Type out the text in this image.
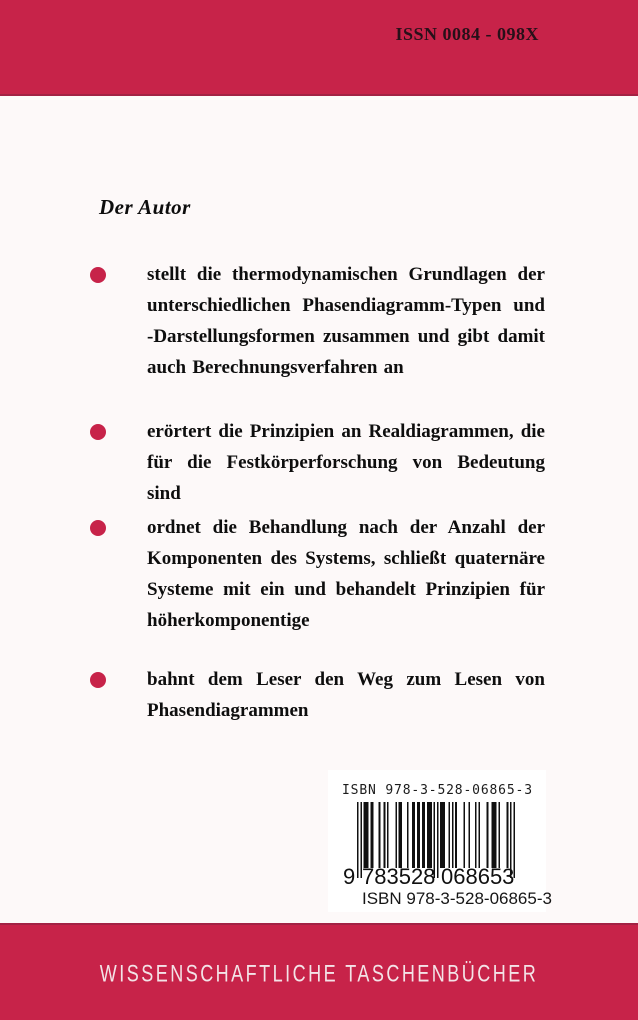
ISSN 0084 - 098X
Der Autor
stellt die thermodynamischen Grundlagen der unterschiedlichen Phasendiagramm-Typen und -Darstellungsformen zusammen und gibt damit auch Berechnungsverfahren an
erörtert die Prinzipien an Realdiagrammen, die für die Festkörperforschung von Bedeutung sind
ordnet die Behandlung nach der Anzahl der Komponenten des Systems, schließt quaternäre Systeme mit ein und behandelt Prinzipien für höherkomponentige
bahnt dem Leser den Weg zum Lesen von Phasendiagrammen
ISBN 978-3-528-06865-3
9 783528 068653
ISBN 978-3-528-06865-3
WISSENSCHAFTLICHE TASCHENBÜCHER
